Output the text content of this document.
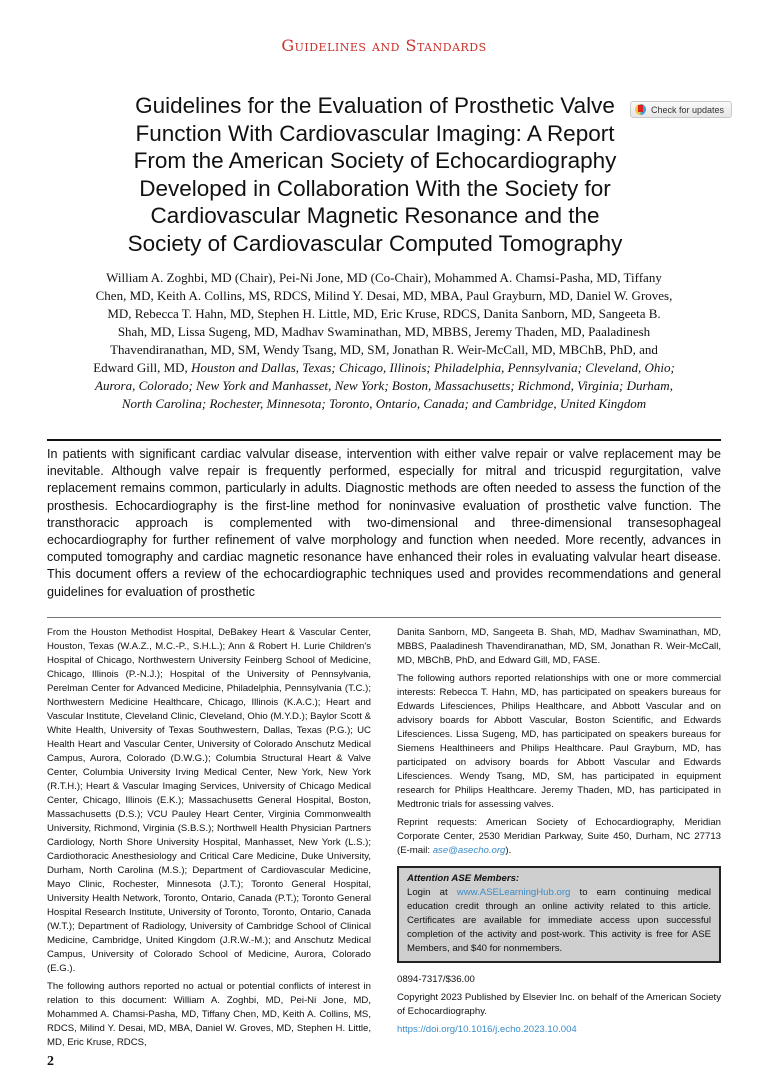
Check for updates
Guidelines and Standards
Guidelines for the Evaluation of Prosthetic Valve Function With Cardiovascular Imaging: A Report From the American Society of Echocardiography Developed in Collaboration With the Society for Cardiovascular Magnetic Resonance and the Society of Cardiovascular Computed Tomography
William A. Zoghbi, MD (Chair), Pei-Ni Jone, MD (Co-Chair), Mohammed A. Chamsi-Pasha, MD, Tiffany Chen, MD, Keith A. Collins, MS, RDCS, Milind Y. Desai, MD, MBA, Paul Grayburn, MD, Daniel W. Groves, MD, Rebecca T. Hahn, MD, Stephen H. Little, MD, Eric Kruse, RDCS, Danita Sanborn, MD, Sangeeta B. Shah, MD, Lissa Sugeng, MD, Madhav Swaminathan, MD, MBBS, Jeremy Thaden, MD, Paaladinesh Thavendiranathan, MD, SM, Wendy Tsang, MD, SM, Jonathan R. Weir-McCall, MD, MBChB, PhD, and Edward Gill, MD, Houston and Dallas, Texas; Chicago, Illinois; Philadelphia, Pennsylvania; Cleveland, Ohio; Aurora, Colorado; New York and Manhasset, New York; Boston, Massachusetts; Richmond, Virginia; Durham, North Carolina; Rochester, Minnesota; Toronto, Ontario, Canada; and Cambridge, United Kingdom
In patients with significant cardiac valvular disease, intervention with either valve repair or valve replacement may be inevitable. Although valve repair is frequently performed, especially for mitral and tricuspid regurgitation, valve replacement remains common, particularly in adults. Diagnostic methods are often needed to assess the function of the prosthesis. Echocardiography is the first-line method for noninvasive evaluation of prosthetic valve function. The transthoracic approach is complemented with two-dimensional and three-dimensional transesophageal echocardiography for further refinement of valve morphology and function when needed. More recently, advances in computed tomography and cardiac magnetic resonance have enhanced their roles in evaluating valvular heart disease. This document offers a review of the echocardiographic techniques used and provides recommendations and general guidelines for evaluation of prosthetic

From the Houston Methodist Hospital, DeBakey Heart & Vascular Center, Houston, Texas (W.A.Z., M.C.-P., S.H.L.); Ann & Robert H. Lurie Children's Hospital of Chicago, Northwestern University Feinberg School of Medicine, Chicago, Illinois (P.-N.J.); Hospital of the University of Pennsylvania, Perelman Center for Advanced Medicine, Philadelphia, Pennsylvania (T.C.); Northwestern Medicine Healthcare, Chicago, Illinois (K.A.C.); Heart and Vascular Institute, Cleveland Clinic, Cleveland, Ohio (M.Y.D.); Baylor Scott & White Health, University of Texas Southwestern, Dallas, Texas (P.G.); UC Health Heart and Vascular Center, University of Colorado Anschutz Medical Campus, Aurora, Colorado (D.W.G.); Columbia Structural Heart & Valve Center, Columbia University Irving Medical Center, New York, New York (R.T.H.); Heart & Vascular Imaging Services, University of Chicago Medical Center, Chicago, Illinois (E.K.); Massachusetts General Hospital, Boston, Massachusetts (D.S.); VCU Pauley Heart Center, Virginia Commonwealth University, Richmond, Virginia (S.B.S.); Northwell Health Physician Partners Cardiology, North Shore University Hospital, Manhasset, New York (L.S.); Cardiothoracic Anesthesiology and Critical Care Medicine, Duke University, Durham, North Carolina (M.S.); Department of Cardiovascular Medicine, Mayo Clinic, Rochester, Minnesota (J.T.); Toronto General Hospital, University Health Network, Toronto, Ontario, Canada (P.T.); Toronto General Hospital Research Institute, University of Toronto, Toronto, Ontario, Canada (W.T.); Department of Radiology, University of Cambridge School of Clinical Medicine, Cambridge, United Kingdom (J.R.W.-M.); and Anschutz Medical Campus, University of Colorado School of Medicine, Aurora, Colorado (E.G.).

The following authors reported no actual or potential conflicts of interest in relation to this document: William A. Zoghbi, MD, Pei-Ni Jone, MD, Mohammed A. Chamsi-Pasha, MD, Tiffany Chen, MD, Keith A. Collins, MS, RDCS, Milind Y. Desai, MD, MBA, Daniel W. Groves, MD, Stephen H. Little, MD, Eric Kruse, RDCS,

2

Danita Sanborn, MD, Sangeeta B. Shah, MD, Madhav Swaminathan, MD, MBBS, Paaladinesh Thavendiranathan, MD, SM, Jonathan R. Weir-McCall, MD, MBChB, PhD, and Edward Gill, MD, FASE.

The following authors reported relationships with one or more commercial interests: Rebecca T. Hahn, MD, has participated on speakers bureaus for Edwards Lifesciences, Philips Healthcare, and Abbott Vascular and on advisory boards for Abbott Vascular, Boston Scientific, and Edwards Lifesciences. Lissa Sugeng, MD, has participated on speakers bureaus for Siemens Healthineers and Philips Healthcare. Paul Grayburn, MD, has participated on advisory boards for Abbott Vascular and Edwards Lifesciences. Wendy Tsang, MD, SM, has participated in equipment research for Philips Healthcare. Jeremy Thaden, MD, has participated in Medtronic trials for assessing valves.

Reprint requests: American Society of Echocardiography, Meridian Corporate Center, 2530 Meridian Parkway, Suite 450, Durham, NC 27713 (E-mail: ase@asecho.org).

Attention ASE Members:
Login at www.ASELearningHub.org to earn continuing medical education credit through an online activity related to this article. Certificates are available for immediate access upon successful completion of the activity and post-work. This activity is free for ASE Members, and $40 for nonmembers.

0894-7317/$36.00

Copyright 2023 Published by Elsevier Inc. on behalf of the American Society of Echocardiography.

https://doi.org/10.1016/j.echo.2023.10.004
